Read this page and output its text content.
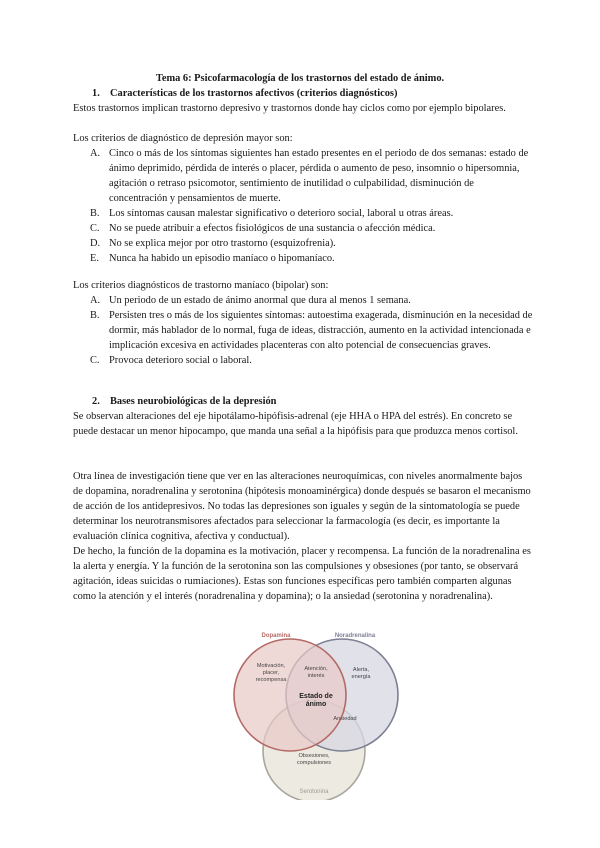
Tema 6: Psicofarmacología de los trastornos del estado de ánimo.
1. Características de los trastornos afectivos (criterios diagnósticos)
Estos trastornos implican trastorno depresivo y trastornos donde hay ciclos como por ejemplo bipolares.
Los criterios de diagnóstico de depresión mayor son:
A. Cinco o más de los síntomas siguientes han estado presentes en el periodo de dos semanas: estado de ánimo deprimido, pérdida de interés o placer, pérdida o aumento de peso, insomnio o hipersomnia, agitación o retraso psicomotor, sentimiento de inutilidad o culpabilidad, disminución de concentración y pensamientos de muerte.
B. Los síntomas causan malestar significativo o deterioro social, laboral u otras áreas.
C. No se puede atribuir a efectos fisiológicos de una sustancia o afección médica.
D. No se explica mejor por otro trastorno (esquizofrenia).
E. Nunca ha habido un episodio maníaco o hipomaníaco.
Los criterios diagnósticos de trastorno maníaco (bipolar) son:
A. Un periodo de un estado de ánimo anormal que dura al menos 1 semana.
B. Persisten tres o más de los siguientes síntomas: autoestima exagerada, disminución en la necesidad de dormir, más hablador de lo normal, fuga de ideas, distracción, aumento en la actividad intencionada e implicación excesiva en actividades placenteras con alto potencial de consecuencias graves.
C. Provoca deterioro social o laboral.
2. Bases neurobiológicas de la depresión
Se observan alteraciones del eje hipotálamo-hipófisis-adrenal (eje HHA o HPA del estrés). En concreto se puede destacar un menor hipocampo, que manda una señal a la hipófisis para que produzca menos cortisol.
Otra línea de investigación tiene que ver en las alteraciones neuroquímicas, con niveles anormalmente bajos de dopamina, noradrenalina y serotonina (hipótesis monoaminérgica) donde después se basaron el mecanismo de acción de los antidepresivos. No todas las depresiones son iguales y según de la sintomatología se puede determinar los neurotransmisores afectados para seleccionar la farmacología (es decir, es importante la evaluación clínica cognitiva, afectiva y conductual).
De hecho, la función de la dopamina es la motivación, placer y recompensa. La función de la noradrenalina es la alerta y energía. Y la función de la serotonina son las compulsiones y obsesiones (por tanto, se observará agitación, ideas suicidas o rumiaciones). Estas son funciones específicas pero también comparten algunas como la atención y el interés (noradrenalina y dopamina); o la ansiedad (serotonina y noradrenalina).
Dopamina	Noradrenalina
Serotonina
Motivación,
placer,
recompensa
Alerta,
energía
Atención,
interés
Ansiedad
Obsesiones,
compulsiones
Estado de
ánimo
